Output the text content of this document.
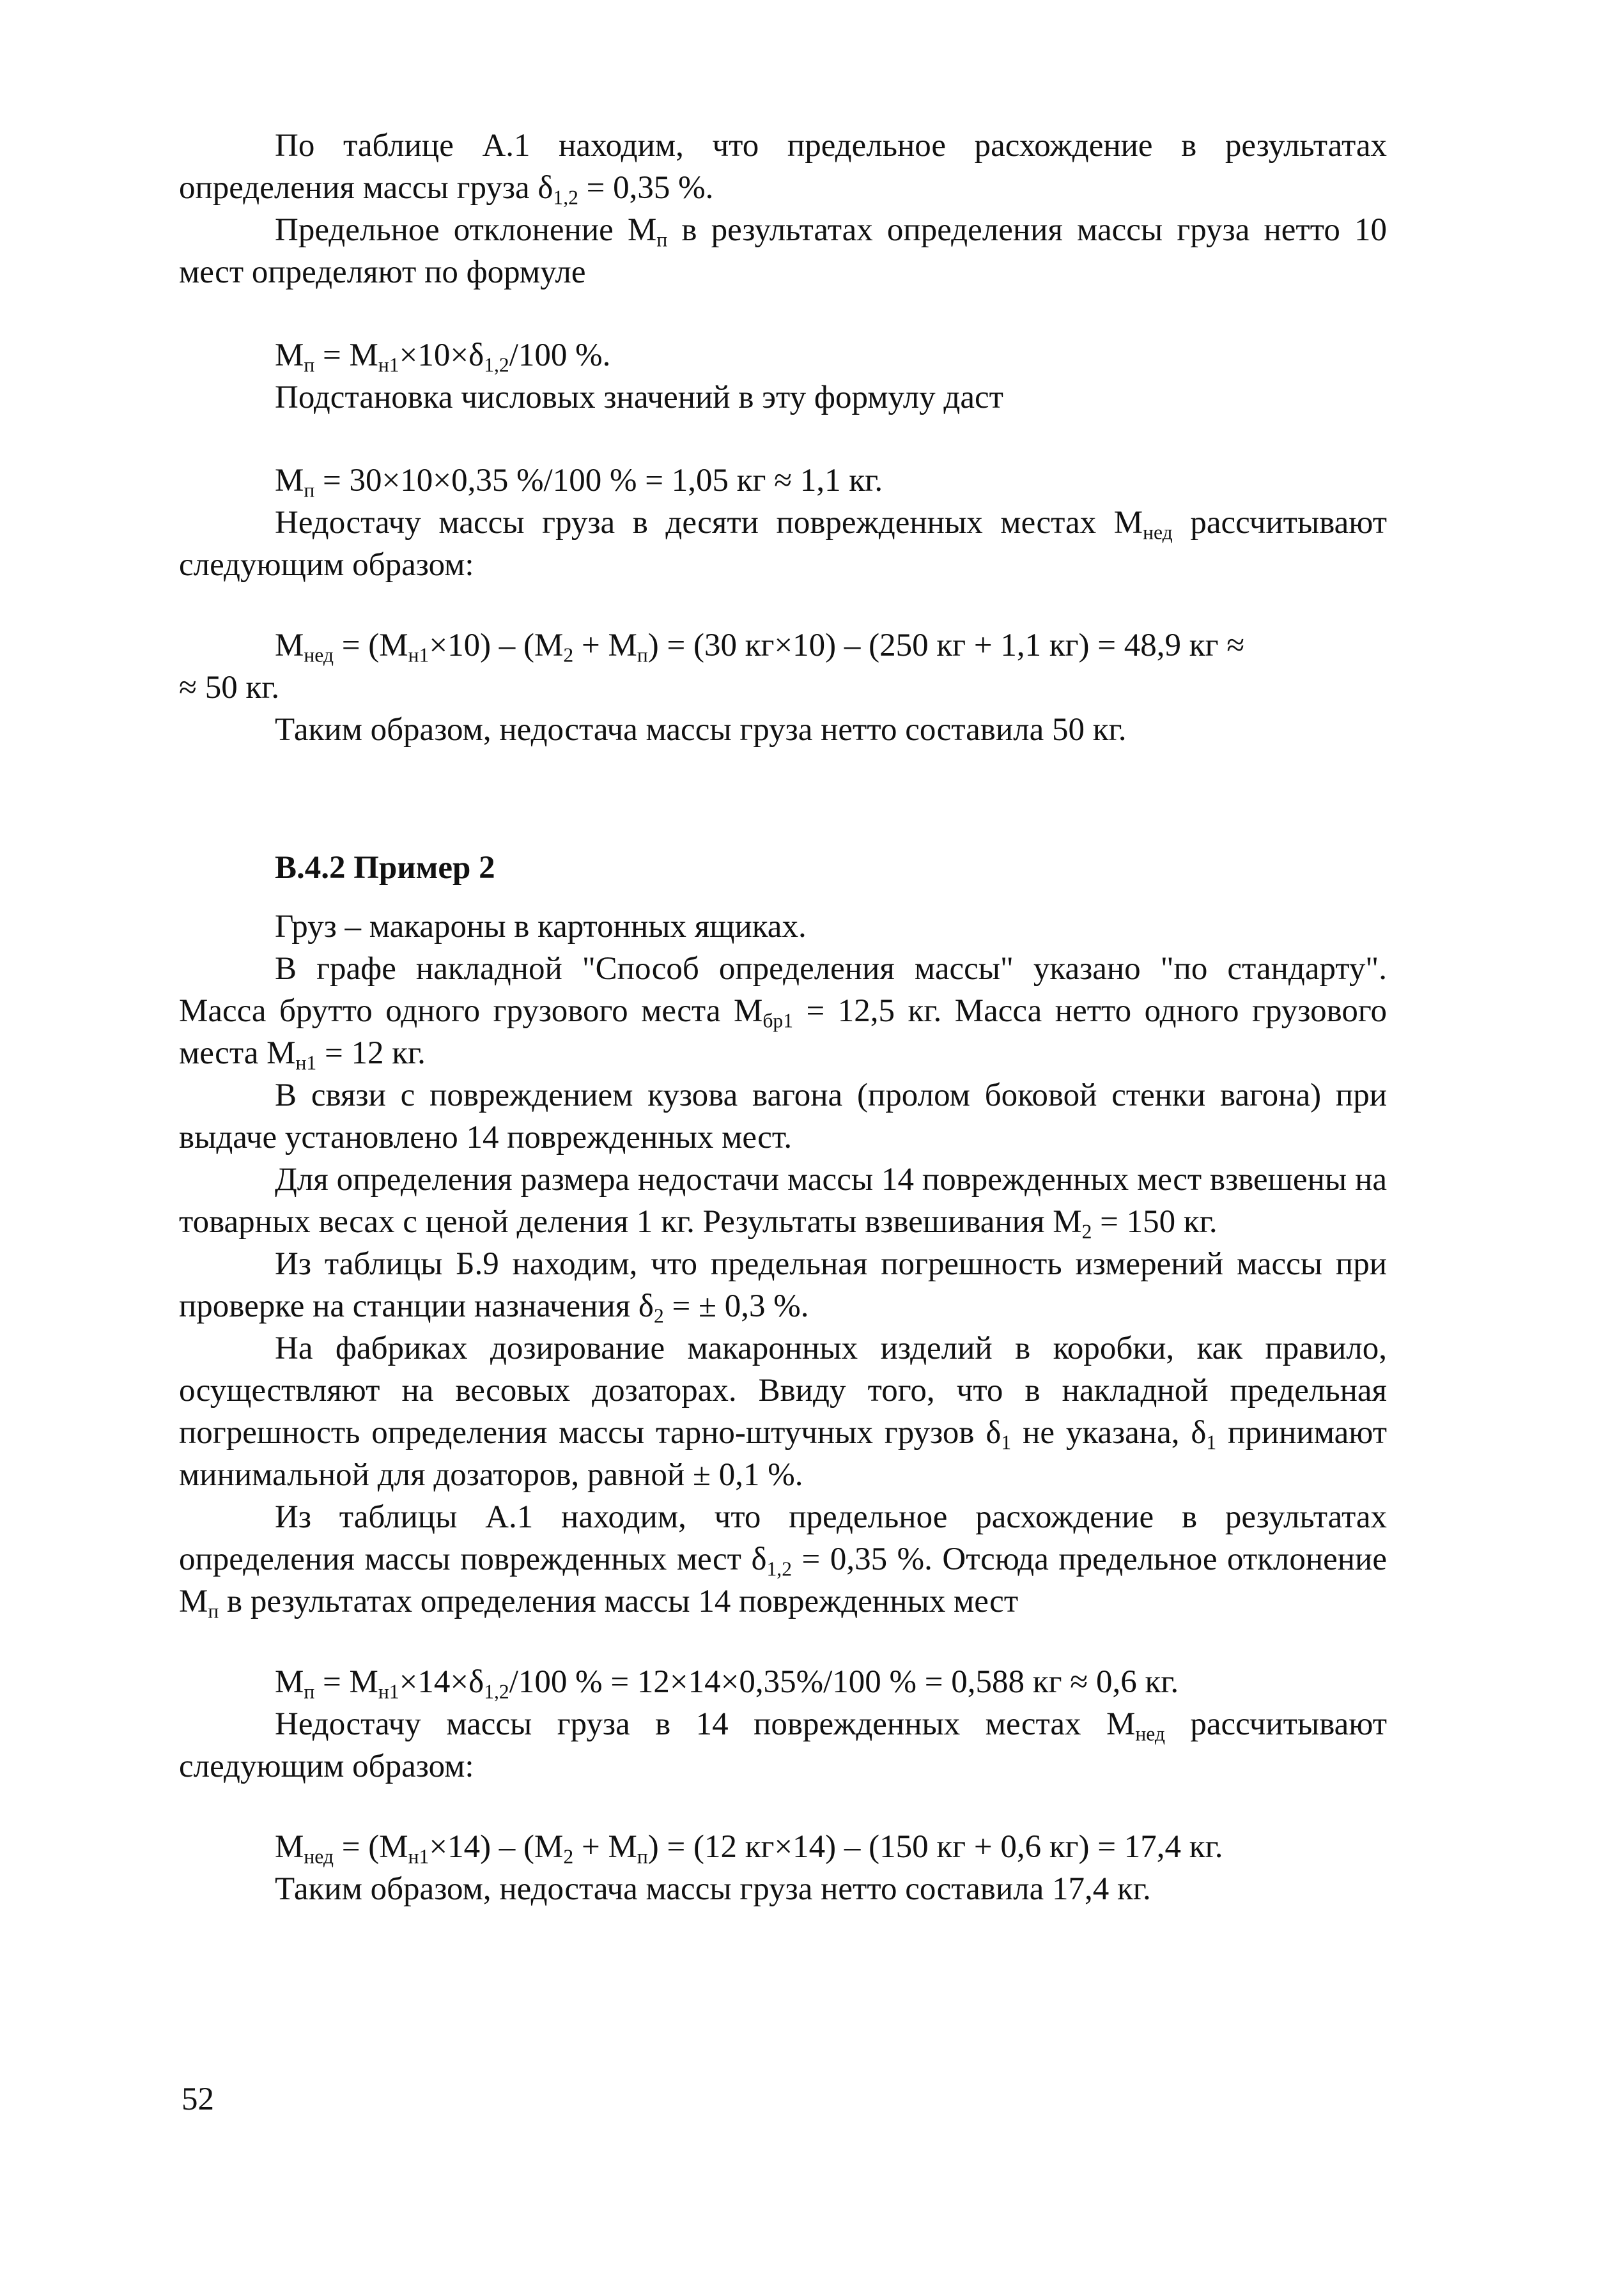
По таблице А.1 находим, что предельное расхождение в результатах определения массы груза $\delta_{1,2} = 0,35$ %.

Предельное отклонение $М_п$ в результатах определения массы груза нетто 10 мест определяют по формуле

$М_п = М_{н1}\times 10\times\delta_{1,2}/100$ %.

Подстановка числовых значений в эту формулу даст

$М_п = 30\times 10\times 0,35$ %/100 % = 1,05 кг ≈ 1,1 кг.

Недостачу массы груза в десяти поврежденных местах $М_{нед}$ рассчитывают следующим образом:

$М_{нед} = (М_{н1}\times 10) - (М_2 + М_п) = (30$ кг×10) – (250 кг + 1,1 кг) = 48,9 кг ≈

≈ 50 кг.

Таким образом, недостача массы груза нетто составила 50 кг.

В.4.2 Пример 2

Груз – макароны в картонных ящиках.

В графе накладной "Способ определения массы" указано "по стандарту". Масса брутто одного грузового места $М_{бр1} = 12,5$ кг. Масса нетто одного грузового места $М_{н1} = 12$ кг.

В связи с повреждением кузова вагона (пролом боковой стенки вагона) при выдаче установлено 14 поврежденных мест.

Для определения размера недостачи массы 14 поврежденных мест взвешены на товарных весах с ценой деления 1 кг. Результаты взвешивания $М_2 = 150$ кг.

Из таблицы Б.9 находим, что предельная погрешность измерений массы при проверке на станции назначения $\delta_2$ = ± 0,3 %.

На фабриках дозирование макаронных изделий в коробки, как правило, осуществляют на весовых дозаторах. Ввиду того, что в накладной предельная погрешность определения массы тарно-штучных грузов $\delta_1$ не указана, $\delta_1$ принимают минимальной для дозаторов, равной ± 0,1 %.

Из таблицы А.1 находим, что предельное расхождение в результатах определения массы поврежденных мест $\delta_{1,2} = 0,35$ %. Отсюда предельное отклонение $М_п$ в результатах определения массы 14 поврежденных мест

$М_п = М_{н1}\times 14\times\delta_{1,2}/100$ % = 12×14×0,35%/100 % = 0,588 кг ≈ 0,6 кг.

Недостачу массы груза в 14 поврежденных местах $М_{нед}$ рассчитывают следующим образом:

$М_{нед} = (М_{н1}\times 14) - (М_2 + М_п) = (12$ кг×14) – (150 кг + 0,6 кг) = 17,4 кг.

Таким образом, недостача массы груза нетто составила 17,4 кг.

52
